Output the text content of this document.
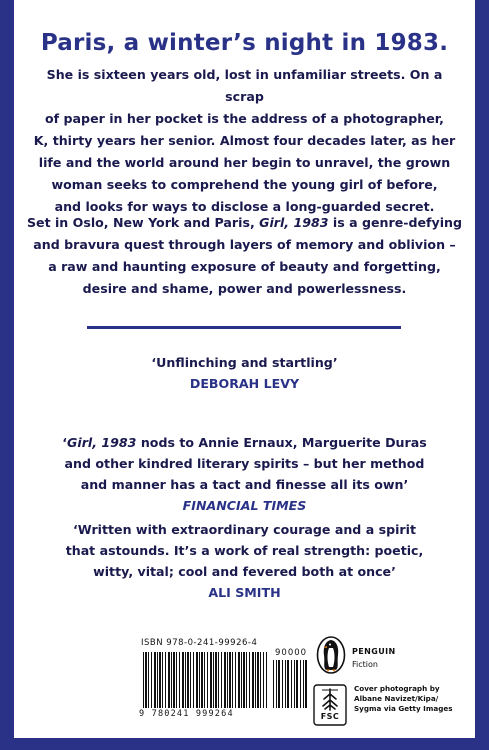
Paris, a winter’s night in 1983.
She is sixteen years old, lost in unfamiliar streets. On a scrap
of paper in her pocket is the address of a photographer,
K, thirty years her senior. Almost four decades later, as her
life and the world around her begin to unravel, the grown
woman seeks to comprehend the young girl of before,
and looks for ways to disclose a long-guarded secret.
Set in Oslo, New York and Paris, Girl, 1983 is a genre-defying
and bravura quest through layers of memory and oblivion –
a raw and haunting exposure of beauty and forgetting,
desire and shame, power and powerlessness.
‘Unflinching and startling’
DEBORAH LEVY
‘Girl, 1983 nods to Annie Ernaux, Marguerite Duras
and other kindred literary spirits – but her method
and manner has a tact and finesse all its own’
FINANCIAL TIMES
‘Written with extraordinary courage and a spirit
that astounds. It’s a work of real strength: poetic,
witty, vital; cool and fevered both at once’
ALI SMITH
ISBN 978-0-241-99926-4
90000
9 780241 999264
PENGUIN
Fiction
FSC
Cover photograph by
Albane Navizet/Kipa/
Sygma via Getty Images
